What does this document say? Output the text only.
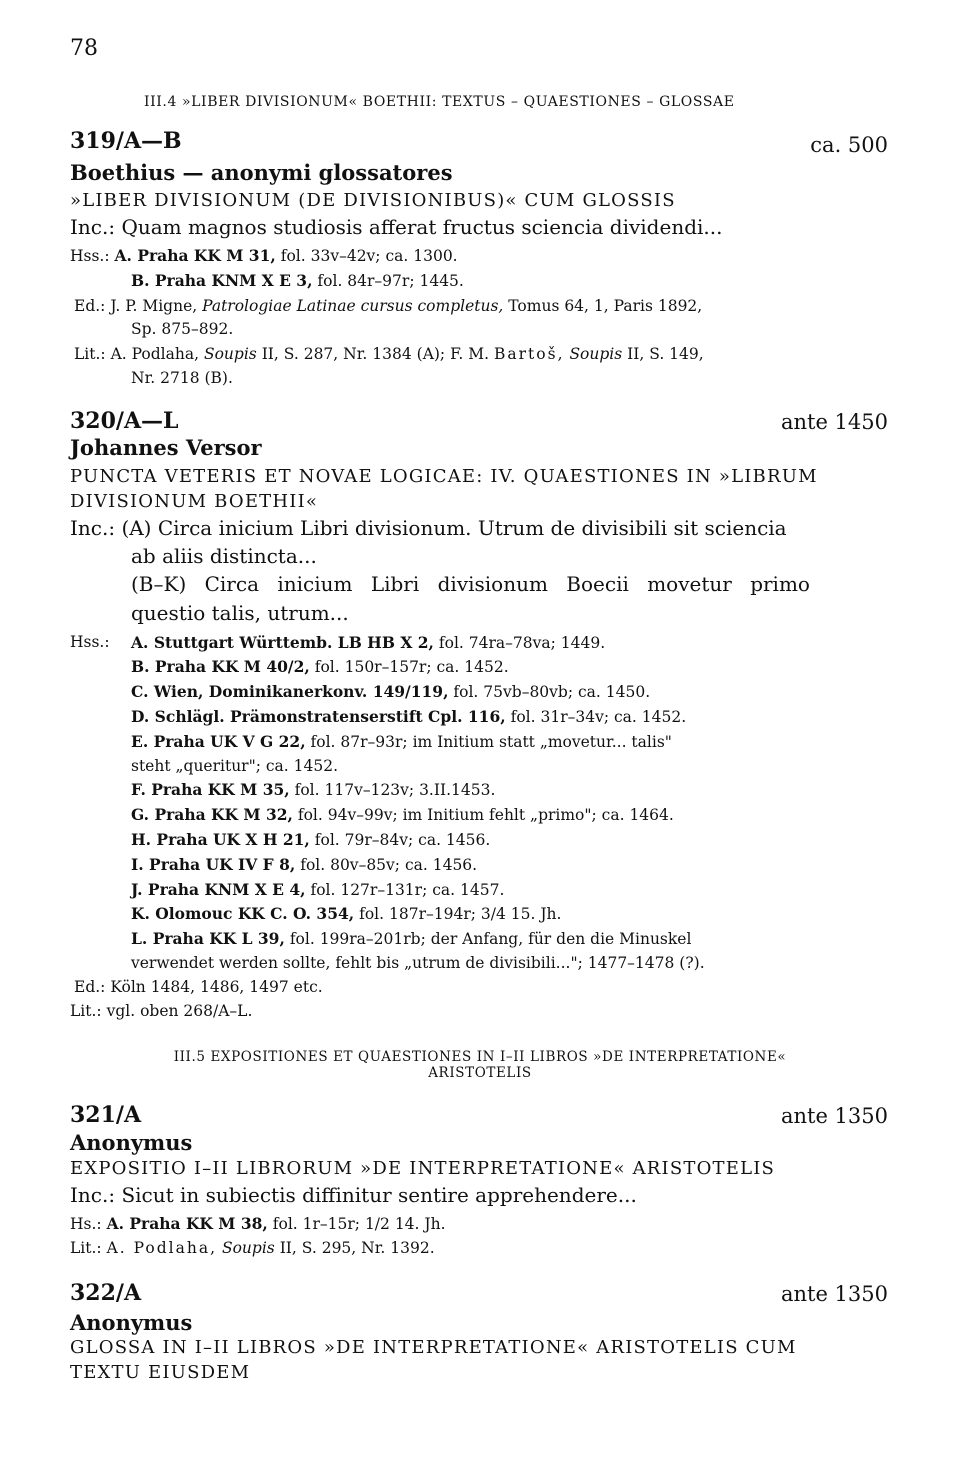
78
III.4 »LIBER DIVISIONUM« BOETHII: TEXTUS – QUAESTIONES – GLOSSAE
319/A—B	ca. 500
Boethius — anonymi glossatores
»LIBER DIVISIONUM (DE DIVISIONIBUS)« CUM GLOSSIS
Inc.: Quam magnos studiosis afferat fructus sciencia dividendi...
Hss.: A. Praha KK M 31, fol. 33v–42v; ca. 1300.
B. Praha KNM X E 3, fol. 84r–97r; 1445.
Ed.: J. P. Migne, Patrologiae Latinae cursus completus, Tomus 64, 1, Paris 1892,
Sp. 875–892.
Lit.: A. Podlaha, Soupis II, S. 287, Nr. 1384 (A); F. M. Bartoš, Soupis II, S. 149,
Nr. 2718 (B).
320/A—L	ante 1450
Johannes Versor
PUNCTA VETERIS ET NOVAE LOGICAE: IV. QUAESTIONES IN »LIBRUM
DIVISIONUM BOETHII«
Inc.: (A) Circa inicium Libri divisionum. Utrum de divisibili sit sciencia
ab aliis distincta...
(B–K) Circa inicium Libri divisionum Boecii movetur primo
questio talis, utrum...
Hss.: A. Stuttgart Württemb. LB HB X 2, fol. 74ra–78va; 1449.
B. Praha KK M 40/2, fol. 150r–157r; ca. 1452.
C. Wien, Dominikanerkonv. 149/119, fol. 75vb–80vb; ca. 1450.
D. Schlägl. Prämonstratenserstift Cpl. 116, fol. 31r–34v; ca. 1452.
E. Praha UK V G 22, fol. 87r–93r; im Initium statt „movetur... talis"
steht „queritur"; ca. 1452.
F. Praha KK M 35, fol. 117v–123v; 3.II.1453.
G. Praha KK M 32, fol. 94v–99v; im Initium fehlt „primo"; ca. 1464.
H. Praha UK X H 21, fol. 79r–84v; ca. 1456.
I. Praha UK IV F 8, fol. 80v–85v; ca. 1456.
J. Praha KNM X E 4, fol. 127r–131r; ca. 1457.
K. Olomouc KK C. O. 354, fol. 187r–194r; 3/4 15. Jh.
L. Praha KK L 39, fol. 199ra–201rb; der Anfang, für den die Minuskel
verwendet werden sollte, fehlt bis „utrum de divisibili..."; 1477–1478 (?).
Ed.: Köln 1484, 1486, 1497 etc.
Lit.: vgl. oben 268/A–L.
III.5 EXPOSITIONES ET QUAESTIONES IN I–II LIBROS »DE INTERPRETATIONE«
ARISTOTELIS
321/A	ante 1350
Anonymus
EXPOSITIO I–II LIBRORUM »DE INTERPRETATIONE« ARISTOTELIS
Inc.: Sicut in subiectis diffinitur sentire apprehendere...
Hs.: A. Praha KK M 38, fol. 1r–15r; 1/2 14. Jh.
Lit.: A. Podlaha, Soupis II, S. 295, Nr. 1392.
322/A	ante 1350
Anonymus
GLOSSA IN I–II LIBROS »DE INTERPRETATIONE« ARISTOTELIS CUM
TEXTU EIUSDEM
